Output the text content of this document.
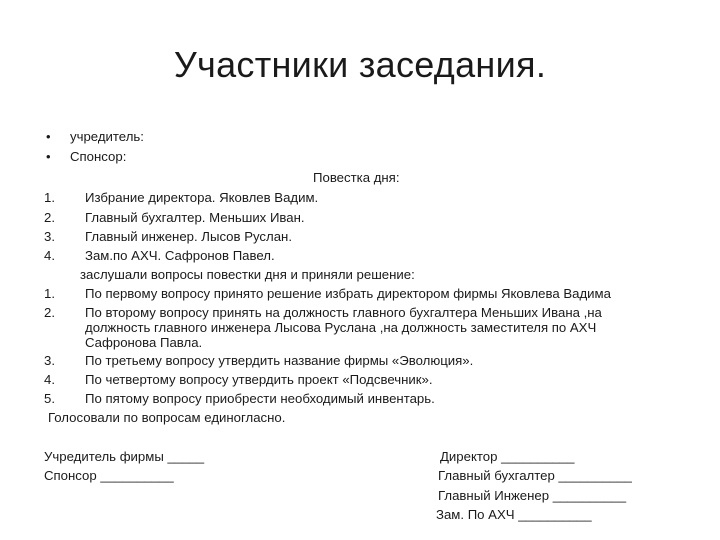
Участники заседания.
• учредитель:
• Спонсор:
Повестка дня:
1. Избрание директора. Яковлев Вадим.
2. Главный бухгалтер. Меньших Иван.
3. Главный инженер. Лысов Руслан.
4. Зам.по АХЧ. Сафронов Павел.
заслушали вопросы повестки дня и приняли решение:
1. По первому вопросу принято решение избрать директором фирмы Яковлева Вадима
2. По второму вопросу принять на должность главного бухгалтера Меньших Ивана ,на
должность главного инженера Лысова Руслана ,на должность заместителя по АХЧ
Сафронова Павла.
3. По третьему вопросу утвердить название фирмы «Эволюция».
4. По четвертому вопросу утвердить проект «Подсвечник».
5. По пятому вопросу приобрести необходимый инвентарь.
Голосовали по вопросам единогласно.
Учредитель фирмы _____
Спонсор __________
Директор __________
Главный бухгалтер __________
Главный Инженер __________
Зам. По АХЧ __________
